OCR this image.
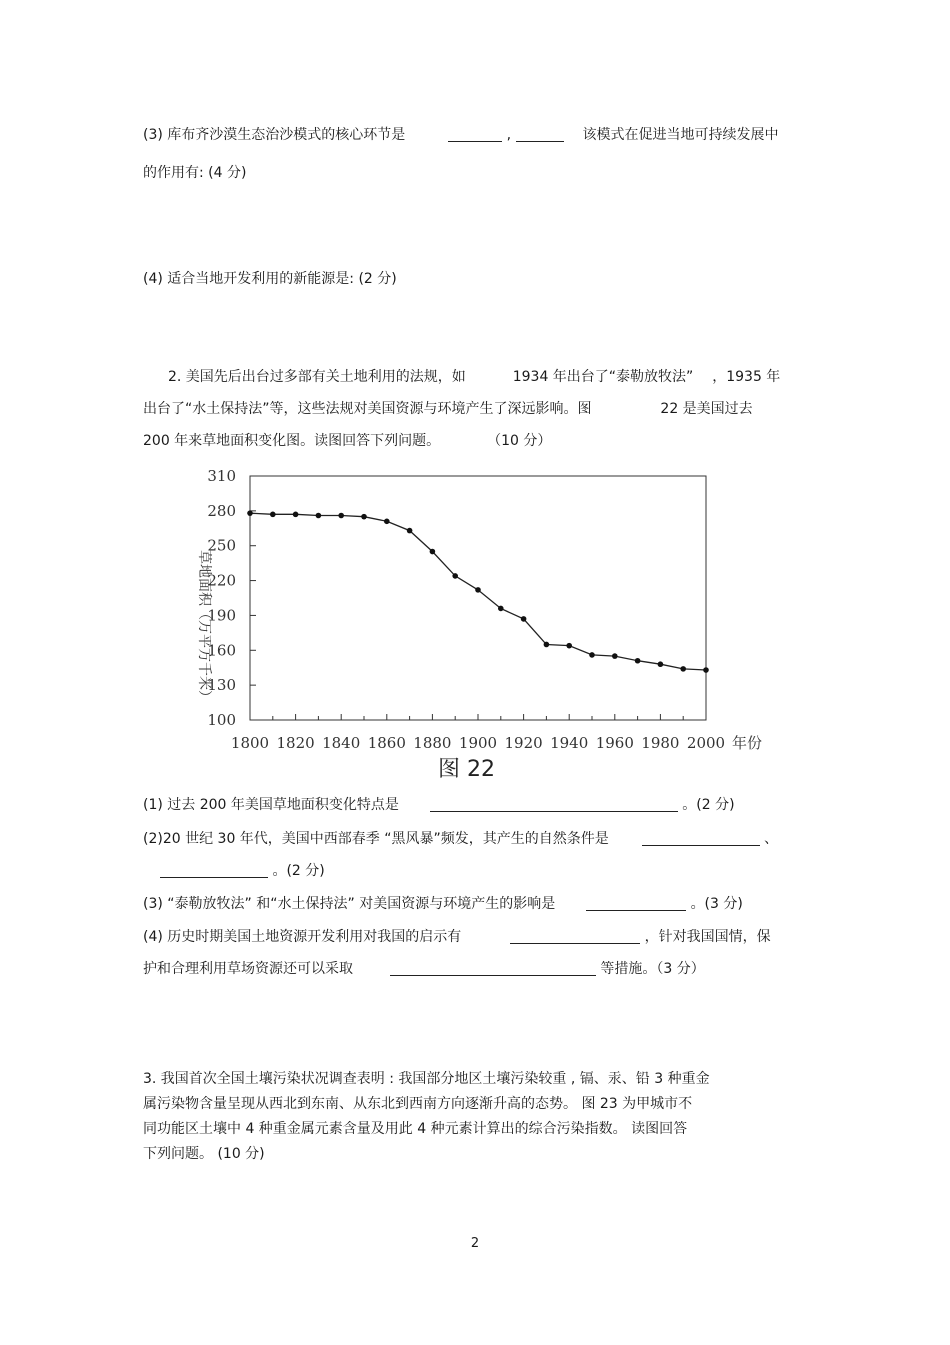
(3) 库布齐沙漠生态治沙模式的核心环节是	,	该模式在促进当地可持续发展中
的作用有: (4 分)
(4) 适合当地开发利用的新能源是: (2 分)
2. 美国先后出台过多部有关土地利用的法规，如	1934 年出台了“泰勒放牧法” ，1935 年
出台了“水土保持法”等，这些法规对美国资源与环境产生了深远影响。图	22 是美国过去
200 年来草地面积变化图。读图回答下列问题。	（10 分）
100
130
160
190
220
250
280
310
1800 1820 1840 1860 1880 1900 1920 1940 1960 1980 2000
草地面积（万平方千米）
年份
图 22
(1) 过去 200 年美国草地面积变化特点是	。(2 分)
(2)20 世纪 30 年代，美国中西部春季 “黑风暴”频发，其产生的自然条件是	、
。(2 分)
(3) “泰勒放牧法” 和“水土保持法” 对美国资源与环境产生的影响是	。(3 分)
(4) 历史时期美国土地资源开发利用对我国的启示有	，针对我国国情，保
护和合理利用草场资源还可以采取	等措施。（3 分）
3. 我国首次全国土壤污染状况调查表明 : 我国部分地区土壤污染较重 , 镉、汞、铅 3 种重金
属污染物含量呈现从西北到东南、从东北到西南方向逐渐升高的态势。 图 23 为甲城市不
同功能区土壤中 4 种重金属元素含量及用此 4 种元素计算出的综合污染指数。 读图回答
下列问题。 (10 分)
2
